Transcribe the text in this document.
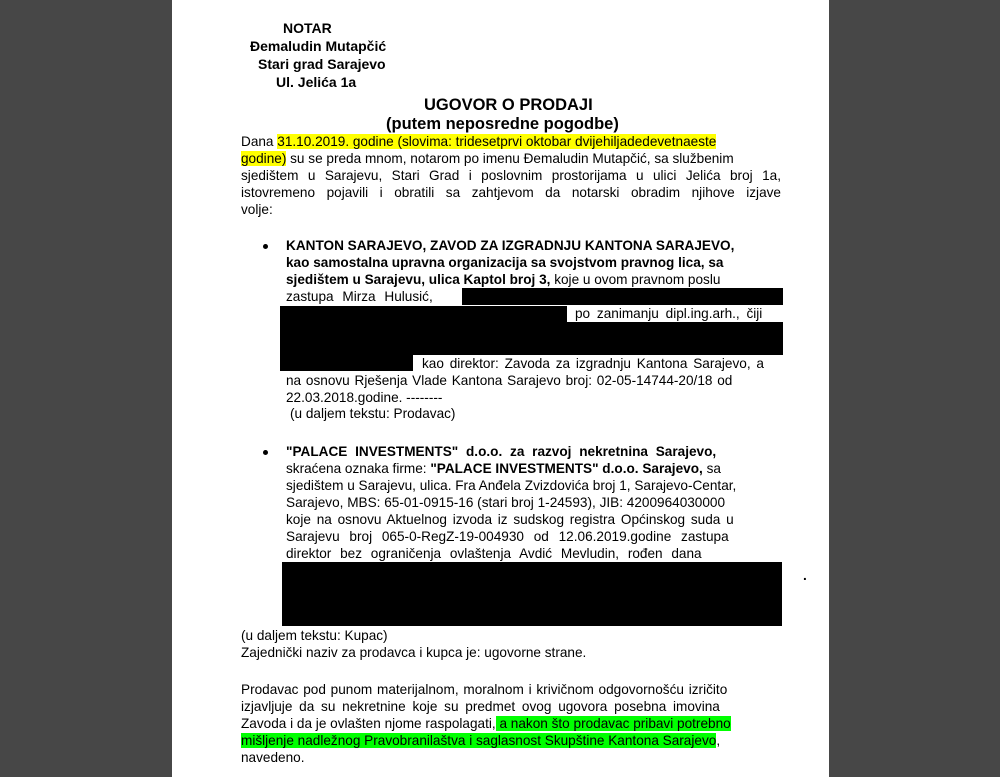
NOTAR
Đemaludin Mutapčić
Stari grad Sarajevo
Ul. Jelića 1a
UGOVOR O PRODAJI
(putem neposredne pogodbe)
Dana 31.10.2019. godine (slovima: tridesetprvi oktobar dvijehiljadedevetnaeste
godine) su se preda mnom, notarom po imenu Đemaludin Mutapčić, sa službenim
sjedištem u Sarajevu, Stari Grad i poslovnim prostorijama u ulici Jelića broj 1a,
istovremeno pojavili i obratili sa zahtjevom da notarski obradim njihove izjave
volje:
KANTON SARAJEVO, ZAVOD ZA IZGRADNJU KANTONA SARAJEVO,
kao samostalna upravna organizacija sa svojstvom pravnog lica, sa
sjedištem u Sarajevu, ulica Kaptol broj 3, koje u ovom pravnom poslu
zastupa Mirza Hulusić,
po zanimanju dipl.ing.arh., čiji
kao direktor: Zavoda za izgradnju Kantona Sarajevo, a
na osnovu Rješenja Vlade Kantona Sarajevo broj: 02-05-14744-20/18 od
22.03.2018.godine. --------
(u daljem tekstu: Prodavac)
"PALACE INVESTMENTS" d.o.o. za razvoj nekretnina Sarajevo,
skraćena oznaka firme: "PALACE INVESTMENTS" d.o.o. Sarajevo, sa
sjedištem u Sarajevu, ulica. Fra Anđela Zvizdovića broj 1, Sarajevo-Centar,
Sarajevo, MBS: 65-01-0915-16 (stari broj 1-24593), JIB: 4200964030000
koje na osnovu Aktuelnog izvoda iz sudskog registra Općinskog suda u
Sarajevu broj 065-0-RegZ-19-004930 od 12.06.2019.godine zastupa
direktor bez ograničenja ovlaštenja Avdić Mevludin, rođen dana
.
(u daljem tekstu: Kupac)
Zajednički naziv za prodavca i kupca je: ugovorne strane.
Prodavac pod punom materijalnom, moralnom i krivičnom odgovornošću izričito
izjavljuje da su nekretnine koje su predmet ovog ugovora posebna imovina
Zavoda i da je ovlašten njome raspolagati, a nakon što prodavac pribavi potrebno
mišljenje nadležnog Pravobranilaštva i saglasnost Skupštine Kantona Sarajevo,
navedeno.
